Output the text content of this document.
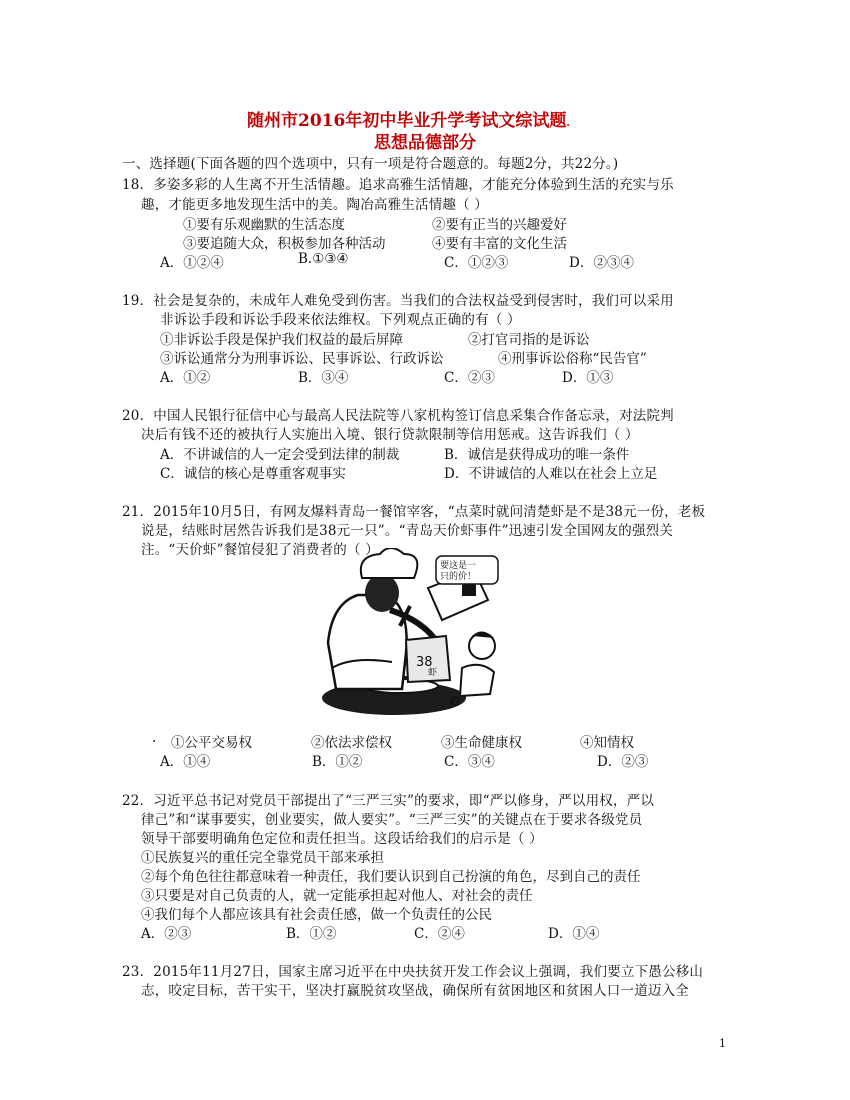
随州市2016年初中毕业升学考试文综试题.
思想品德部分
一、选择题(下面各题的四个选项中，只有一项是符合题意的。每题2分，共22分。)
18．多姿多彩的人生离不开生活情趣。追求高雅生活情趣，才能充分体验到生活的充实与乐
趣，才能更多地发现生活中的美。陶冶高雅生活情趣（ ）
①要有乐观幽默的生活态度	②要有正当的兴趣爱好
③要追随大众，积极参加各种活动	④要有丰富的文化生活
A．①②④	B.①③④	C．①②③	D．②③④
19．社会是复杂的，未成年人难免受到伤害。当我们的合法权益受到侵害时，我们可以采用
非诉讼手段和诉讼手段来依法维权。下列观点正确的有（ ）
①非诉讼手段是保护我们权益的最后屏障	②打官司指的是诉讼
③诉讼通常分为刑事诉讼、民事诉讼、行政诉讼	④刑事诉讼俗称“民告官”
A．①②	B．③④	C．②③	D．①③
20．中国人民银行征信中心与最高人民法院等八家机构签订信息采集合作备忘录，对法院判
决后有钱不还的被执行人实施出入境、银行贷款限制等信用惩戒。这告诉我们（ ）
A．不讲诚信的人一定会受到法律的制裁	B．诚信是获得成功的唯一条件
C．诚信的核心是尊重客观事实	D．不讲诚信的人难以在社会上立足
21．2015年10月5日，有网友爆料青岛一餐馆宰客，“点菜时就问清楚虾是不是38元一份，老板
说是，结账时居然告诉我们是38元一只”。“青岛天价虾事件”迅速引发全国网友的强烈关
注。“天价虾”餐馆侵犯了消费者的（ ）
要这是一
只的价！
38
虾
G
. ①公平交易权	②依法求偿权	③生命健康权	④知情权
A．①④	B．①②	C．③④	D．②③
22．习近平总书记对党员干部提出了“三严三实”的要求，即“严以修身，严以用权，严以
律己”和“谋事要实，创业要实，做人要实”。“三严三实”的关键点在于要求各级党员
领导干部要明确角色定位和责任担当。这段话给我们的启示是（ ）
①民族复兴的重任完全靠党员干部来承担
②每个角色往往都意味着一种责任，我们要认识到自己扮演的角色，尽到自己的责任
③只要是对自己负责的人，就一定能承担起对他人、对社会的责任
④我们每个人都应该具有社会责任感，做一个负责任的公民
A．②③	B．①②	C．②④	D．①④
23．2015年11月27日，国家主席习近平在中央扶贫开发工作会议上强调，我们要立下愚公移山
志，咬定目标，苦干实干，坚决打赢脱贫攻坚战，确保所有贫困地区和贫困人口一道迈入全
1
